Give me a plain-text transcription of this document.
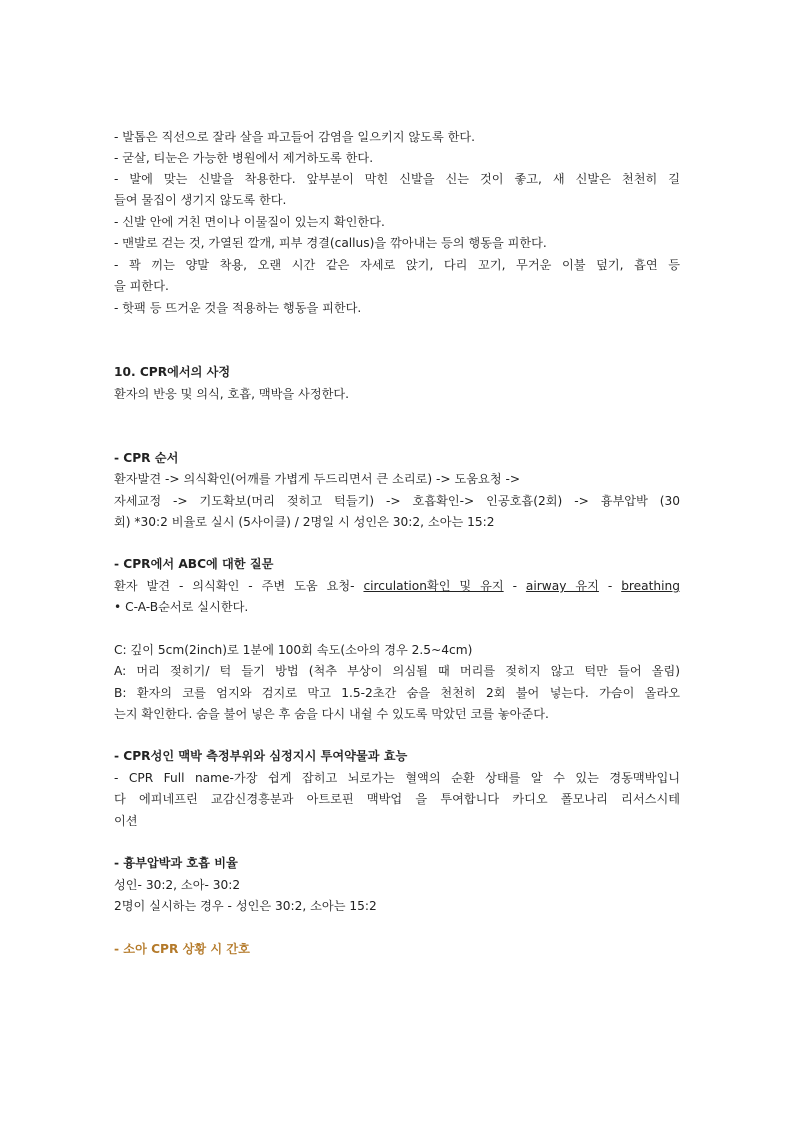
- 발톱은 직선으로 잘라 살을 파고들어 감염을 일으키지 않도록 한다.
- 굳살, 티눈은 가능한 병원에서 제거하도록 한다.
- 발에 맞는 신발을 착용한다. 앞부분이 막힌 신발을 신는 것이 좋고, 새 신발은 천천히 길
들여 물집이 생기지 않도록 한다.
- 신발 안에 거친 면이나 이물질이 있는지 확인한다.
- 맨발로 걷는 것, 가열된 깔개, 피부 경결(callus)을 깎아내는 등의 행동을 피한다.
- 꽉 끼는 양말 착용, 오랜 시간 같은 자세로 앉기, 다리 꼬기, 무거운 이불 덮기, 흡연 등
을 피한다.
- 핫팩 등 뜨거운 것을 적용하는 행동을 피한다.
10. CPR에서의 사정
환자의 반응 및 의식, 호흡, 맥박을 사정한다.
- CPR 순서
환자발견 -> 의식확인(어깨를 가볍게 두드리면서 큰 소리로) -> 도움요청 ->
자세교정 -> 기도확보(머리 젖히고 턱들기) -> 호흡확인-> 인공호흡(2회) -> 흉부압박 (30
회) *30:2 비율로 실시 (5사이클) / 2명일 시 성인은 30:2, 소아는 15:2
- CPR에서 ABC에 대한 질문
환자 발견 - 의식확인 - 주변 도움 요청- circulation확인 및 유지 - airway 유지 - breathing
• C-A-B순서로 실시한다.
C: 깊이 5cm(2inch)로 1분에 100회 속도(소아의 경우 2.5~4cm)
A: 머리 젖히기/ 턱 들기 방법 (척추 부상이 의심될 때 머리를 젖히지 않고 턱만 들어 올림)
B: 환자의 코를 엄지와 검지로 막고 1.5-2초간 숨을 천천히 2회 불어 넣는다. 가슴이 올라오
는지 확인한다. 숨을 불어 넣은 후 숨을 다시 내쉴 수 있도록 막았던 코를 놓아준다.
- CPR성인 맥박 측정부위와 심정지시 투여약물과 효능
- CPR Full name-가장 쉽게 잡히고 뇌로가는 혈액의 순환 상태를 알 수 있는 경동맥박입니
다 에피네프린 교감신경흥분과 아트로핀 맥박업 을 투여합니다 카디오 폴모나리 리서스시테
이션
- 흉부압박과 호흡 비율
성인- 30:2, 소아- 30:2
2명이 실시하는 경우 - 성인은 30:2, 소아는 15:2
- 소아 CPR 상황 시 간호
